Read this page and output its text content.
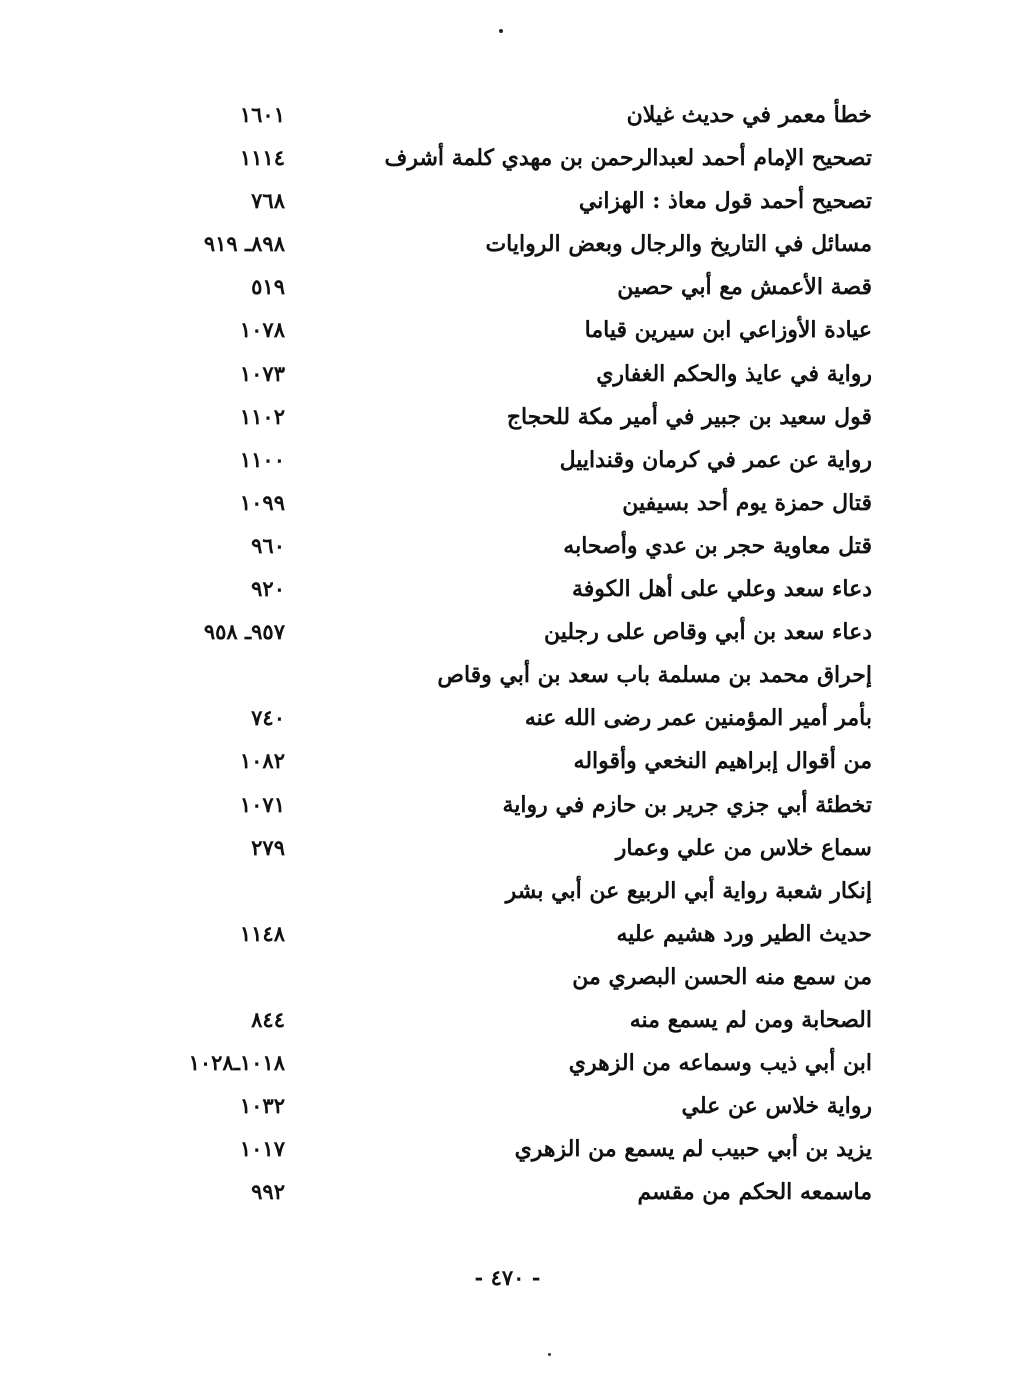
خطأ معمر في حديث غيلان
١٦٠١
تصحيح الإمام أحمد لعبدالرحمن بن مهدي كلمة أشرف
١١١٤
تصحيح أحمد قول معاذ : الهزاني
٧٦٨
مسائل في التاريخ والرجال وبعض الروايات
٨٩٨ـ ٩١٩
قصة الأعمش مع أبي حصين
٥١٩
عيادة الأوزاعي ابن سيرين قياما
١٠٧٨
رواية في عايذ والحكم الغفاري
١٠٧٣
قول سعيد بن جبير في أمير مكة للحجاج
١١٠٢
رواية عن عمر في كرمان وقنداييل
١١٠٠
قتال حمزة يوم أحد بسيفين
١٠٩٩
قتل معاوية حجر بن عدي وأصحابه
٩٦٠
دعاء سعد وعلي على أهل الكوفة
٩٢٠
دعاء سعد بن أبي وقاص على رجلين
٩٥٧ـ ٩٥٨
إحراق محمد بن مسلمة باب سعد بن أبي وقاص
بأمر أمير المؤمنين عمر رضى الله عنه
٧٤٠
من أقوال إبراهيم النخعي وأقواله
١٠٨٢
تخطئة أبي جزي جرير بن حازم في رواية
١٠٧١
سماع خلاس من علي وعمار
٢٧٩
إنكار شعبة رواية أبي الربيع عن أبي بشر
حديث الطير ورد هشيم عليه
١١٤٨
من سمع منه الحسن البصري من
الصحابة ومن لم يسمع منه
٨٤٤
ابن أبي ذيب وسماعه من الزهري
١٠١٨ـ١٠٢٨
رواية خلاس عن علي
١٠٣٢
يزيد بن أبي حبيب لم يسمع من الزهري
١٠١٧
ماسمعه الحكم من مقسم
٩٩٢
- ٤٧٠ -
